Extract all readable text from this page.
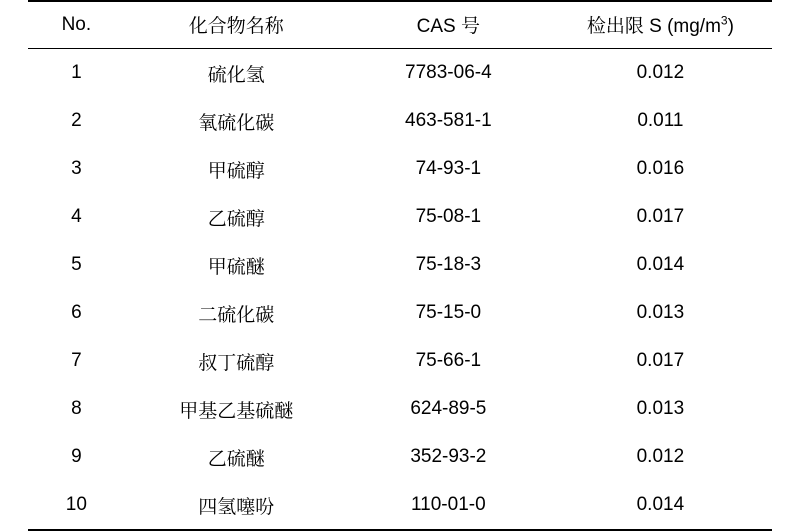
No.	化合物名称	CAS 号	检出限 S $(mg/m^3)$
1	硫化氢	7783-06-4	0.012
2	氧硫化碳	463-581-1	0.011
3	甲硫醇	74-93-1	0.016
4	乙硫醇	75-08-1	0.017
5	甲硫醚	75-18-3	0.014
6	二硫化碳	75-15-0	0.013
7	叔丁硫醇	75-66-1	0.017
8	甲基乙基硫醚	624-89-5	0.013
9	乙硫醚	352-93-2	0.012
10	四氢噻吩	110-01-0	0.014
